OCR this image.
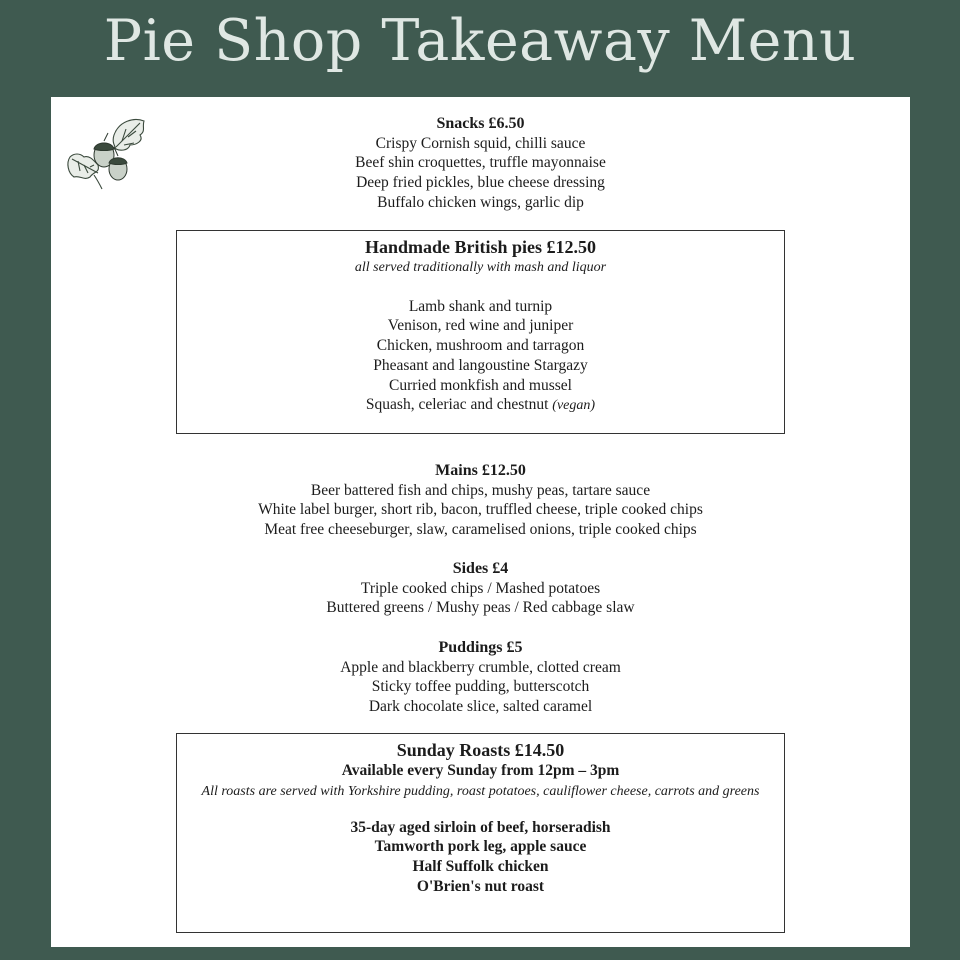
Pie Shop Takeaway Menu
Snacks £6.50
Crispy Cornish squid, chilli sauce
Beef shin croquettes, truffle mayonnaise
Deep fried pickles, blue cheese dressing
Buffalo chicken wings, garlic dip
Handmade British pies £12.50
all served traditionally with mash and liquor
Lamb shank and turnip
Venison, red wine and juniper
Chicken, mushroom and tarragon
Pheasant and langoustine Stargazy
Curried monkfish and mussel
Squash, celeriac and chestnut (vegan)
Mains £12.50
Beer battered fish and chips, mushy peas, tartare sauce
White label burger, short rib, bacon, truffled cheese, triple cooked chips
Meat free cheeseburger, slaw, caramelised onions, triple cooked chips
Sides £4
Triple cooked chips / Mashed potatoes
Buttered greens / Mushy peas / Red cabbage slaw
Puddings £5
Apple and blackberry crumble, clotted cream
Sticky toffee pudding, butterscotch
Dark chocolate slice, salted caramel
Sunday Roasts £14.50
Available every Sunday from 12pm – 3pm
All roasts are served with Yorkshire pudding, roast potatoes, cauliflower cheese, carrots and greens
35-day aged sirloin of beef, horseradish
Tamworth pork leg, apple sauce
Half Suffolk chicken
O'Brien's nut roast
